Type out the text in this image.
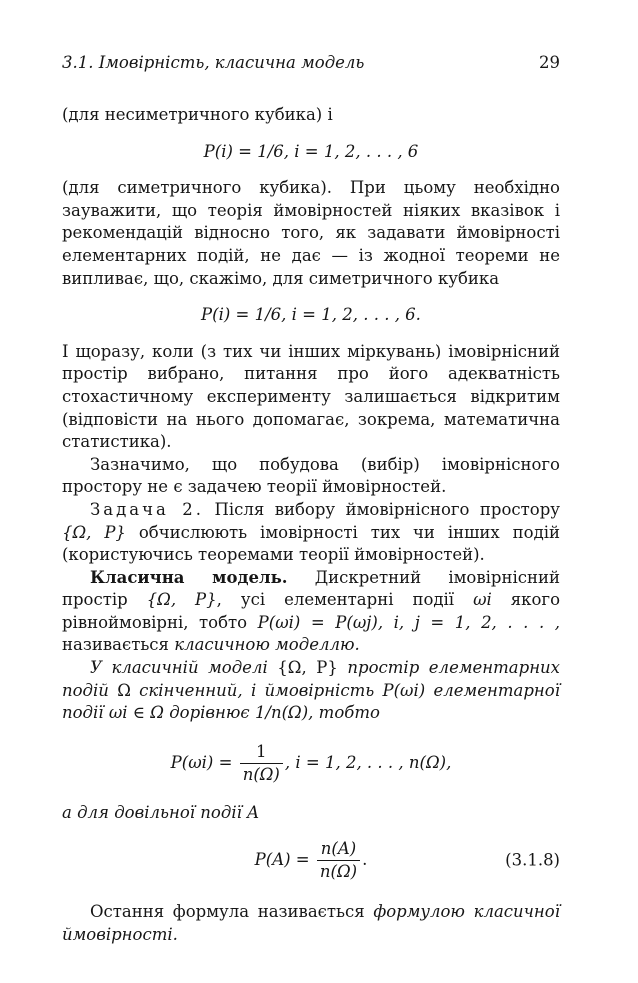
3.1. Імовірність, класична модель	29

(для несиметричного кубика) і

P(i) = 1/6, i = 1, 2, . . . , 6

(для симетричного кубика). При цьому необхідно зауважити, що теорія ймовірностей ніяких вказівок і рекомендацій відносно того, як задавати ймовірності елементарних подій, не дає — із жодної теореми не випливає, що, скажімо, для симетричного кубика

P(i) = 1/6, i = 1, 2, . . . , 6.

І щоразу, коли (з тих чи інших міркувань) імовірнісний простір вибрано, питання про його адекватність стохастичному експерименту залишається відкритим (відповісти на нього допомагає, зокрема, математична статистика).

Зазначимо, що побудова (вибір) імовірнісного простору не є задачею теорії ймовірностей.

Задача 2. Після вибору ймовірнісного простору {Ω, P} обчислюють імовірності тих чи інших подій (користуючись теоремами теорії ймовірностей).

Класична модель. Дискретний імовірнісний простір {Ω, P}, усі елементарні події ωi якого рівноймовірні, тобто P(ωi) = P(ωj), i, j = 1, 2, . . . , називається класичною моделлю.

У класичній моделі {Ω, P} простір елементарних подій Ω скінченний, і ймовірність P(ωi) елементарної події ωi ∈ Ω дорівнює 1/n(Ω), тобто

$P(\omega i) = \frac{1}{n(\Omega)}$ , i = 1, 2, . . . , n(Ω),

а для довільної події A

$P(A) = \frac{n(A)}{n(\Omega)}$ .	(3.1.8)

Остання формула називається формулою класичної ймовірності.
